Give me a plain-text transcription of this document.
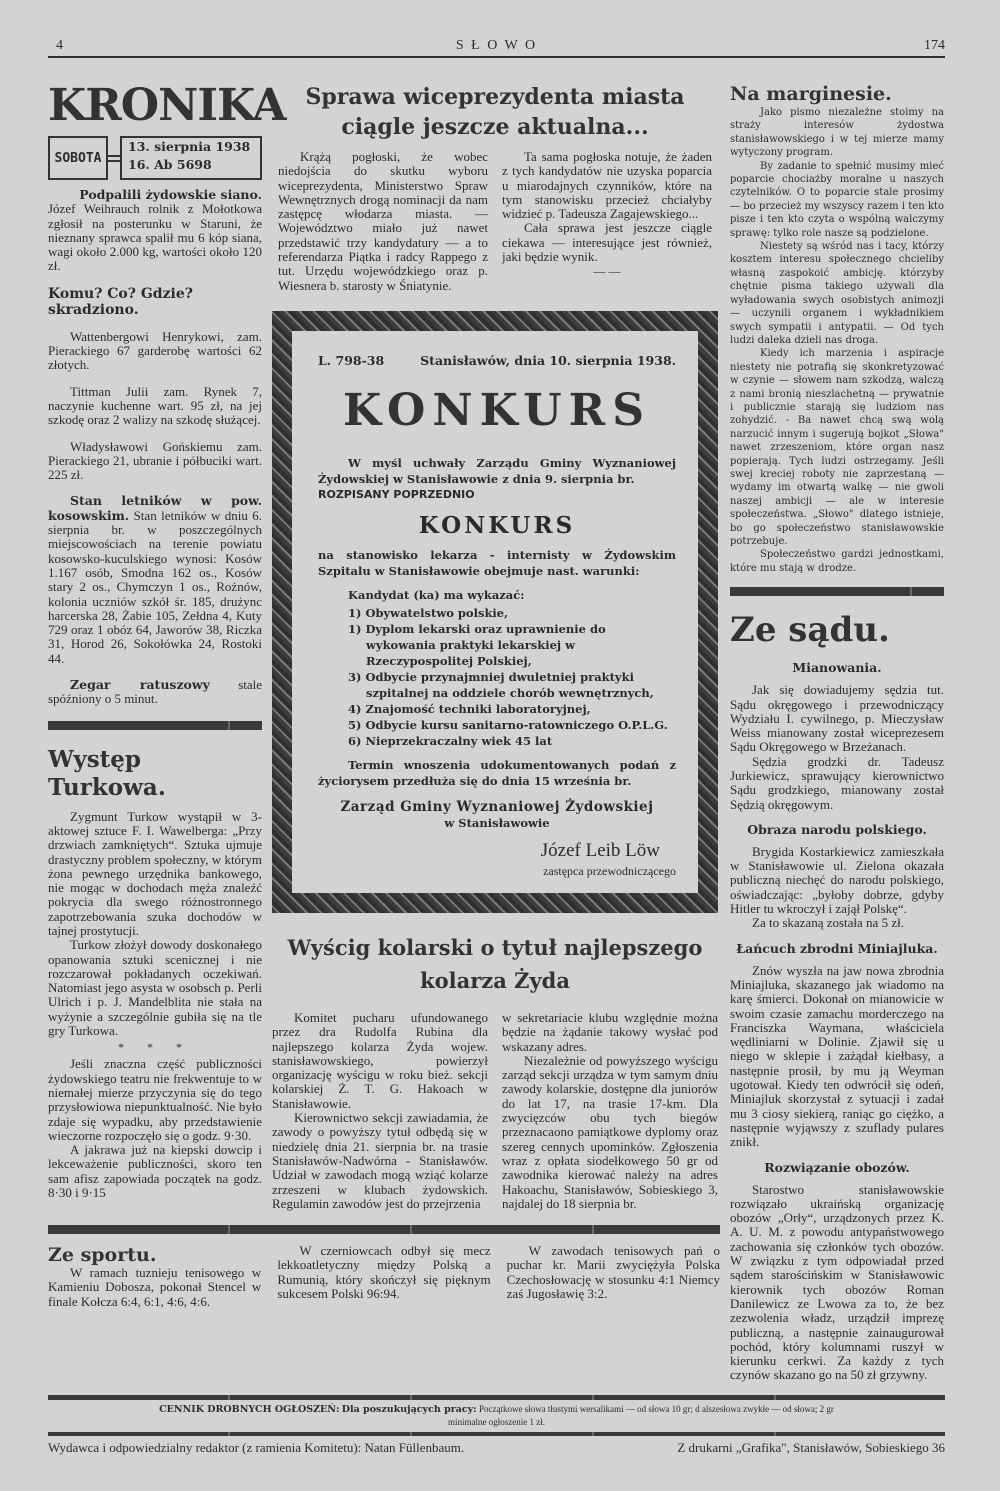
4	S Ł O W O	174
KRONIKA
SOBOTA
13. sierpnia 1938
16. Ab 5698

Podpalili żydowskie siano.
Józef Weihrauch rolnik z Mołotkowa zgłosił na posterunku w Staruni, że nieznany sprawca spalił mu 6 kóp siana, wagi około 2.000 kg, wartości około 120 zł.

Komu? Co? Gdzie? skradziono.

Wattenbergowi Henrykowi, zam. Pierackiego 67 garderobę wartości 62 złotych.

Tittman Julii zam. Rynek 7, naczynie kuchenne wart. 95 zł, na jej szkodę oraz 2 walizy na szkodę służącej.

Władysławowi Gońskiemu zam. Pierackiego 21, ubranie i półbuciki wart. 225 zł.

Stan letników w pow. kosowskim. Stan letników w dniu 6. sierpnia br. w poszczególnych miejscowościach na terenie powiatu kosowsko-kuculskiego wynosi: Kosów 1.167 osób, Smodna 162 os., Kosów stary 2 os., Chymczyn 1 os., Rożnów, kolonia uczniów szkół śr. 185, drużync harcerska 28, Żabie 105, Zełdna 4, Kuty 729 oraz 1 obóz 64, Jaworów 38, Riczka 31, Horod 26, Sokołówka 24, Rostoki 44.

Zegar ratuszowy stale spóźniony o 5 minut.

Występ Turkowa.

Zygmunt Turkow wystąpił w 3-aktowej sztuce F. I. Wawelberga: „Przy drzwiach zamkniętych“. Sztuka ujmuje drastyczny problem społeczny, w którym żona pewnego urzędnika bankowego, nie mogąc w dochodach męża znaleźć pokrycia dla swego różnostronnego zapotrzebowania szuka dochodów w tajnej prostytucji.

Turkow złożył dowody doskonałego opanowania sztuki scenicznej i nie rozczarował pokładanych oczekiwań. Natomiast jego asysta w osobsch p. Perli Ulrich i p. J. Mandelblita nie stała na wyżynie a szczególnie gubiła się na tle gry Turkowa.

* * *

Jeśli znaczna część publiczności żydowskiego teatru nie frekwentuje to w niemałej mierze przyczynia się do tego przysłowiowa niepunktualność. Nie było zdaje się wypadku, aby przedstawienie wieczorne rozpoczęło się o godz. 9·30.

A jakrawa już na kiepski dowcip i lekceważenie publiczności, skoro ten sam afisz zapowiada początek na godz. 8·30 i 9·15

Sprawa wiceprezydenta miasta ciągle jeszcze aktualna...

Krążą pogłoski, że wobec niedojścia do skutku wyboru wiceprezydenta, Ministerstwo Spraw Wewnętrznych drogą nominacji da nam zastępcę włodarza miasta. — Województwo miało już nawet przedstawić trzy kandydatury — a to referendarza Piątka i radcy Rappego z tut. Urzędu wojewódzkiego oraz p. Wiesnera b. starosty w Śniatynie.

Ta sama pogłoska notuje, że żaden z tych kandydatów nie uzyska poparcia u miarodajnych czynników, które na tym stanowisku przecież chciałyby widzieć p. Tadeusza Zagajewskiego...

Cała sprawa jest jeszcze ciągle ciekawa — interesujące jest również, jaki będzie wynik.

— —
L. 798-38	Stanisławów, dnia 10. sierpnia 1938.
KONKURS
W myśl uchwały Zarządu Gminy Wyznaniowej Żydowskiej w Stanisławowie z dnia 9. sierpnia br.
ROZPISANY POPRZEDNIO
KONKURS
na stanowisko lekarza - internisty w Żydowskim Szpitalu w Stanisławowie obejmuje nast. warunki:
Kandydat (ka) ma wykazać:
1) Obywatelstwo polskie,
1) Dyplom lekarski oraz uprawnienie do wykowania praktyki lekarskiej w Rzeczypospolitej Polskiej,
3) Odbycie przynajmniej dwuletniej praktyki szpitalnej na oddziele chorób wewnętrznych,
4) Znajomość techniki laboratoryjnej,
5) Odbycie kursu sanitarno-ratowniczego O.P.L.G.
6) Nieprzekraczalny wiek 45 lat
Termin wnoszenia udokumentowanych podań z życiorysem przedłuża się do dnia 15 września br.
Zarząd Gminy Wyznaniowej Żydowskiej
w Stanisławowie
Józef Leib Löw
zastępca przewodniczącego
Wyścig kolarski o tytuł najlepszego kolarza Żyda

Komitet pucharu ufundowanego przez dra Rudolfa Rubina dla najlepszego kolarza Żyda wojew. stanisławowskiego, powierzył organizację wyścigu w roku bież. sekcji kolarskiej Ż. T. G. Hakoach w Stanisławowie.

Kierownictwo sekcji zawiadamia, że zawody o powyższy tytuł odbędą się w niedzielę dnia 21. sierpnia br. na trasie Stanisławów-Nadwórna - Stanisławów. Udział w zawodach mogą wziąć kolarze zrzeszeni w klubach żydowskich. Regulamin zawodów jest do przejrzenia

w sekretariacie klubu względnie można będzie na żądanie takowy wysłać pod wskazany adres.

Niezależnie od powyższego wyścigu zarząd sekcji urządza w tym samym dniu zawody kolarskie, dostępne dla juniorów do lat 17, na trasie 17-km. Dla zwycięzców obu tych biegów przeznacaono pamiątkowe dyplomy oraz szereg cennych upominków. Zgłoszenia wraz z opłata siodełkowego 50 gr od zawodnika kierować należy na adres Hakoachu, Stanisławów, Sobieskiego 3, najdalej do 18 sierpnia br.

Ze sportu.

W ramach tuznieju tenisowego w Kamieniu Dobosza, pokonał Stencel w finale Kołcza 6:4, 6:1, 4:6, 4:6.

W czerniowcach odbył się mecz lekkoatletyczny między Polską a Rumunią, który skończył się pięknym sukcesem Polski 96:94.

W zawodach tenisowych pań o puchar kr. Marii zwyciężyła Polska Czechosłowację w stosunku 4:1 Niemcy zaś Jugosławię 3:2.

Na marginesie.

Jako pismo niezależne stoimy na straży interesów żydostwa stanisławowskiego i w tej mierze mamy wytyczony program.

By zadanie to spełnić musimy mieć poparcie chociażby moralne u naszych czytelników. O to poparcie stale prosimy — bo przecież my wszyscy razem i ten kto pisze i ten kto czyta o wspólną walczymy sprawę: tylko role nasze są podzielone.

Niestety są wśród nas i tacy, którzy kosztem interesu społecznego chcieliby własną zaspokoić ambicję. którzyby chętnie pisma takiego używali dla wyładowania swych osobistych animozji — uczynili organem i wykładnikiem swych sympatii i antypatii. — Od tych ludzi daleka dzieli nas droga.

Kiedy ich marzenia i aspiracje niestety nie potrafią się skonkretyzować w czynie — słowem nam szkodzą, walczą z nami bronią nieszlachetną — prywatnie i publicznie starają się ludziom nas zohydzić. - Ba nawet chcą swą wolą narzucić innym i sugerują bojkot „Słowa" nawet zrzeszeniom, które organ nasz popierają. Tych ludzi ostrzegamy. Jeśli swej kreciej roboty nie zaprzestaną — wydamy im otwartą walkę — nie gwoli naszej ambicji — ale w interesie społeczeństwa. „Słowo" dlatego istnieje, bo go społeczeństwo stanisławowskie potrzebuje.

Społeczeństwo gardzi jednostkami, które mu stają w drodze.

Ze sądu.
Mianowania.

Jak się dowiadujemy sędzia tut. Sądu okręgowego i przewodniczący Wydziału I. cywilnego, p. Mieczysław Weiss mianowany został wiceprezesem Sądu Okręgowego w Brzeżanach.

Sędzia grodzki dr. Tadeusz Jurkiewicz, sprawujący kierownictwo Sądu grodzkiego, mianowany został Sędzią okręgowym.

Obraza narodu polskiego.

Brygida Kostarkiewicz zamieszkała w Stanisławowie ul. Zielona okazała publiczną niechęć do narodu polskiego, oświadczając: „byłoby dobrze, gdyby Hitler tu wkroczył i zajął Polskę“.

Za to skazaną została na 5 zł.

Łańcuch zbrodni Miniajluka.

Znów wyszła na jaw nowa zbrodnia Miniajluka, skazanego jak wiadomo na karę śmierci. Dokonał on mianowicie w swoim czasie zamachu morderczego na Franciszka Waymana, właściciela wędliniarni w Dolinie. Zjawił się u niego w sklepie i zażądał kiełbasy, a następnie prosił, by mu ją Weyman ugotował. Kiedy ten odwrócił się odeń, Miniajluk skorzystał z sytuacji i zadał mu 3 ciosy siekierą, raniąc go ciężko, a następnie wyjąwszy z szuflady pulares znikł.

Rozwiązanie obozów.

Starostwo stanisławowskie rozwiązało ukraińską organizację obozów „Orły“, urządzonych przez K. A. U. M. z powodu antypaństwowego zachowania się członków tych obozów. W związku z tym odpowiadał przed sądem starościńskim w Stanisławowic kierownik tych obozów Roman Danilewicz ze Lwowa za to, że bez zezwolenia władz, urządził imprezę publiczną, a następnie zainaugurował pochód, który kolumnami ruszył w kierunku cerkwi. Za każdy z tych czynów skazano go na 50 zł grzywny.

CENNIK DROBNYCH OGŁOSZEŃ: Dla poszukujących pracy: Początkowe słowa tłustymi wersalikami — od słowa 10 gr; d alszesłowa zwykłe — od słowa; 2 gr
minimalne ogłoszenie 1 zł.
Wydawca i odpowiedzialny redaktor (z ramienia Komitetu): Natan Füllenbaum.	Z drukarni „Grafika", Stanisławów, Sobieskiego 36
